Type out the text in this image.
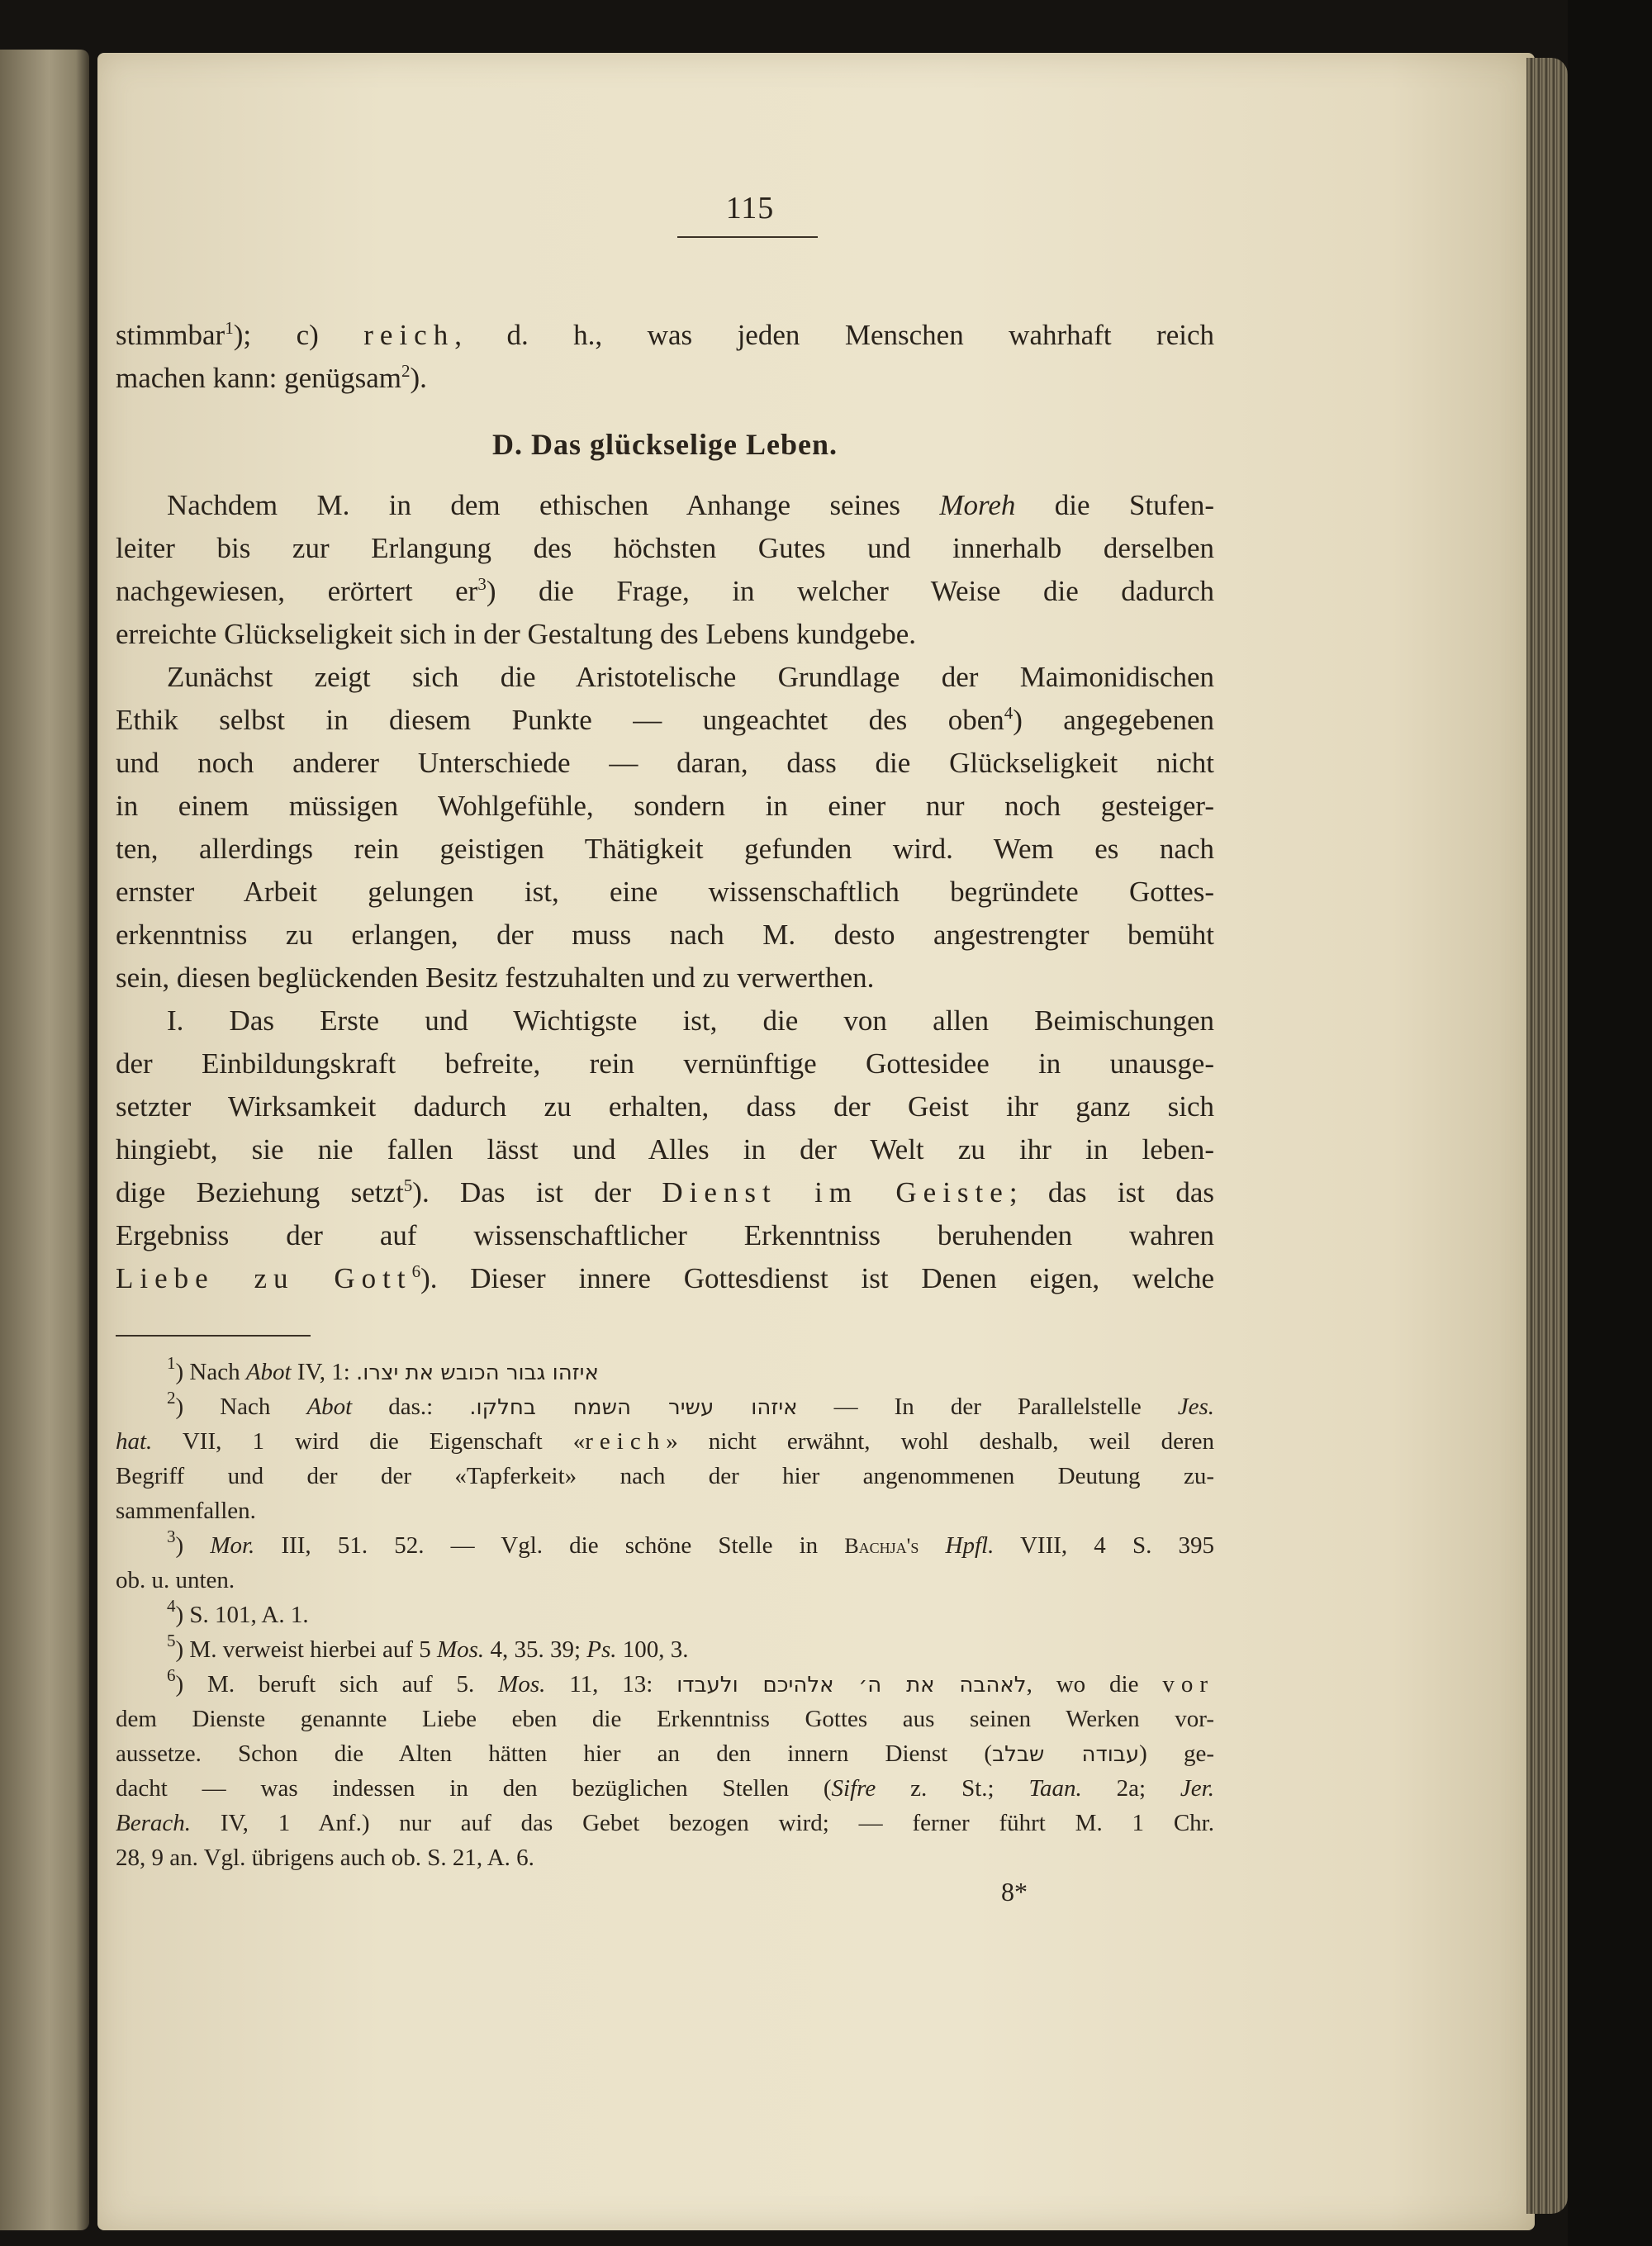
115
stimmbar$^1$); c) reich, d. h., was jeden Menschen wahrhaft reich
machen kann: genügsam$^2$).
D. Das glückselige Leben.
Nachdem M. in dem ethischen Anhange seines Moreh die Stufen-
leiter bis zur Erlangung des höchsten Gutes und innerhalb derselben
nachgewiesen, erörtert $er^3$) die Frage, in welcher Weise die dadurch
erreichte Glückseligkeit sich in der Gestaltung des Lebens kundgebe.
Zunächst zeigt sich die Aristotelische Grundlage der Maimonidischen
Ethik selbst in diesem Punkte — ungeachtet des oben$^4$) angegebenen
und noch anderer Unterschiede — daran, dass die Glückseligkeit nicht
in einem müssigen Wohlgefühle, sondern in einer nur noch gesteiger-
ten, allerdings rein geistigen Thätigkeit gefunden wird. Wem es nach
ernster Arbeit gelungen ist, eine wissenschaftlich begründete Gottes-
erkenntniss zu erlangen, der muss nach M. desto angestrengter bemüht
sein, diesen beglückenden Besitz festzuhalten und zu verwerthen.
I. Das Erste und Wichtigste ist, die von allen Beimischungen
der Einbildungskraft befreite, rein vernünftige Gottesidee in unausge-
setzter Wirksamkeit dadurch zu erhalten, dass der Geist ihr ganz sich
hingiebt, sie nie fallen lässt und Alles in der Welt zu ihr in leben-
dige Beziehung setzt$^5$). Das ist der Dienst im Geiste; das ist das
Ergebniss der auf wissenschaftlicher Erkenntniss beruhenden wahren
Liebe zu Gott$^6$). Dieser innere Gottesdienst ist Denen eigen, welche
$^1$) Nach Abot IV, 1: איזהו גבור הכובש את יצרו.
$^2$) Nach Abot das.: איזהו עשיר השמח בחלקו. — In der Parallelstelle Jes.
hat. VII, 1 wird die Eigenschaft «reich» nicht erwähnt, wohl deshalb, weil deren
Begriff und der der «Tapferkeit» nach der hier angenommenen Deutung zu-
sammenfallen.
$^3$) Mor. III, 51. 52. — Vgl. die schöne Stelle in Bachja's Hpfl. VIII, 4 S. 395
ob. u. unten.
$^4$) S. 101, A. 1.
$^5$) M. verweist hierbei auf 5 Mos. 4, 35. 39; Ps. 100, 3.
$^6$) M. beruft sich auf 5. Mos. 11, 13: לאהבה את ה׳ אלהיכם ולעבדו, wo die vor
dem Dienste genannte Liebe eben die Erkenntniss Gottes aus seinen Werken vor-
aussetze. Schon die Alten hätten hier an den innern Dienst (עבודה שבלב) ge-
dacht — was indessen in den bezüglichen Stellen (Sifre z. St.; Taan. 2a; Jer.
Berach. IV, 1 Anf.) nur auf das Gebet bezogen wird; — ferner führt M. 1 Chr.
28, 9 an. Vgl. übrigens auch ob. S. 21, A. 6.
8*
